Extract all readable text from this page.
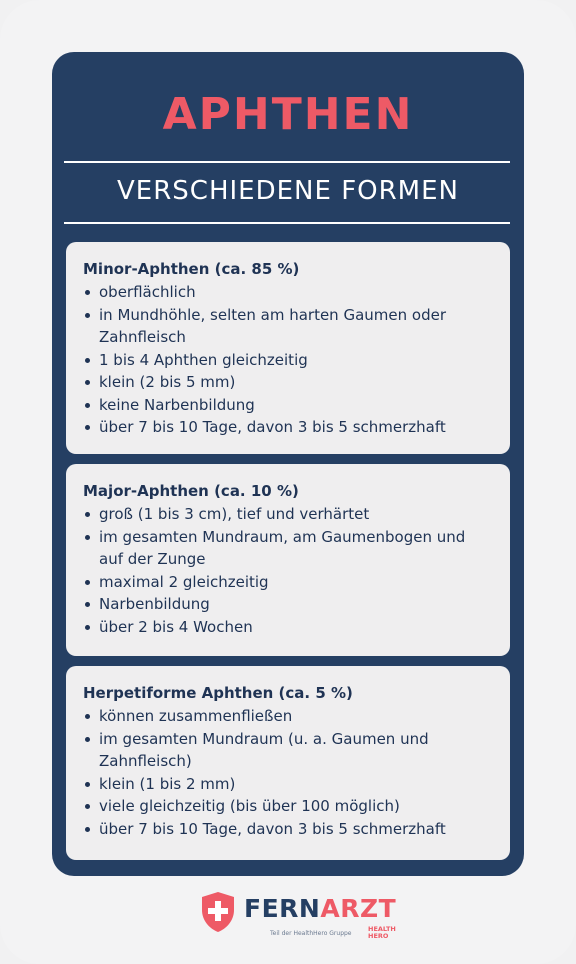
APHTHEN
VERSCHIEDENE FORMEN
Minor-Aphthen (ca. 85 %)
oberflächlich
in Mundhöhle, selten am harten Gaumen oder Zahnfleisch
1 bis 4 Aphthen gleichzeitig
klein (2 bis 5 mm)
keine Narbenbildung
über 7 bis 10 Tage, davon 3 bis 5 schmerzhaft
Major-Aphthen (ca. 10 %)
groß (1 bis 3 cm), tief und verhärtet
im gesamten Mundraum, am Gaumenbogen und auf der Zunge
maximal 2 gleichzeitig
Narbenbildung
über 2 bis 4 Wochen
Herpetiforme Aphthen (ca. 5 %)
können zusammenfließen
im gesamten Mundraum (u. a. Gaumen und Zahnfleisch)
klein (1 bis 2 mm)
viele gleichzeitig (bis über 100 möglich)
über 7 bis 10 Tage, davon 3 bis 5 schmerzhaft
FERNARZT
Teil der HealthHero Gruppe
HEALTH
HERO
